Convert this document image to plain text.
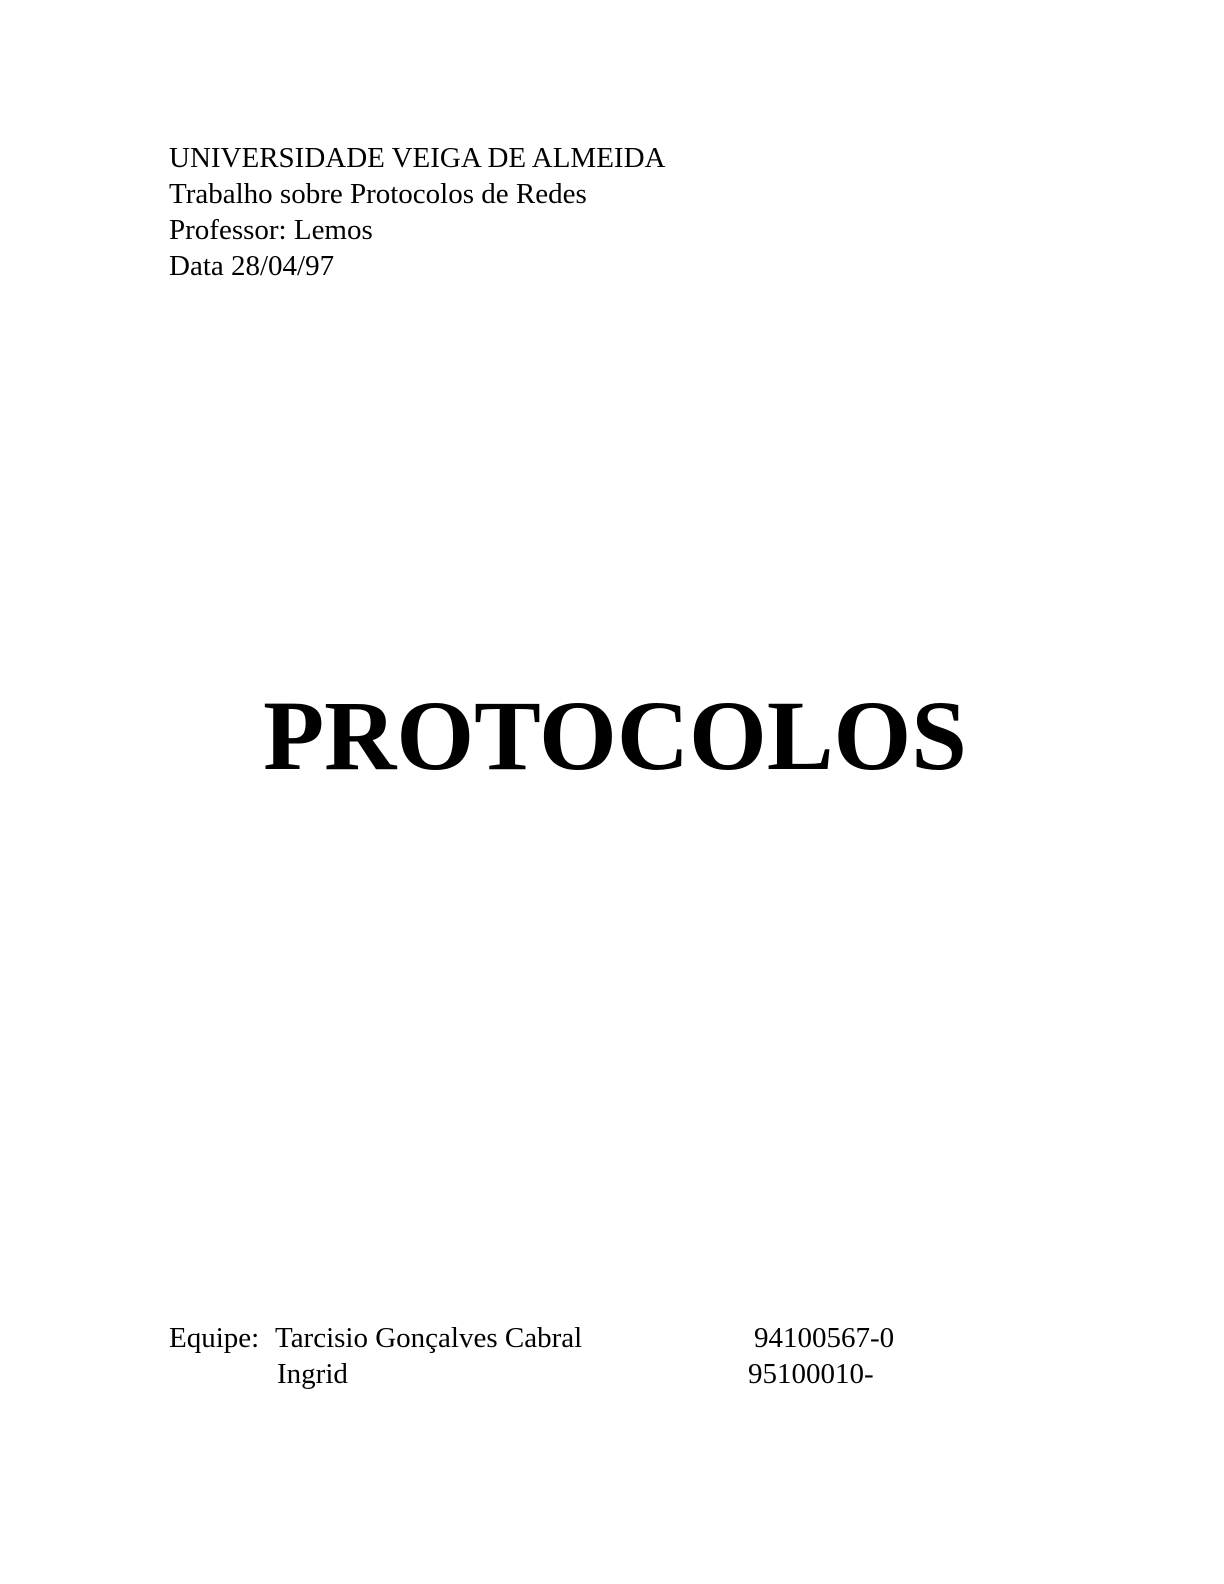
UNIVERSIDADE VEIGA DE ALMEIDA
Trabalho sobre Protocolos de Redes
Professor: Lemos
Data 28/04/97
PROTOCOLOS
Equipe: Tarcisio Gonçalves Cabral	94100567-0
Ingrid	95100010-
